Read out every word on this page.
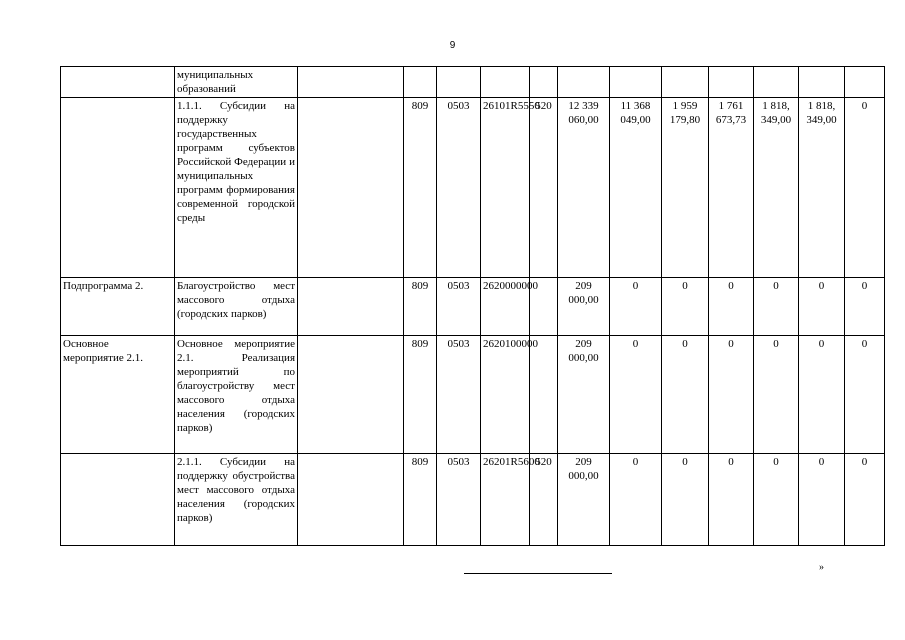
9
	муниципальных образований												
	1.1.1. Субсидии на поддержку государственных программ субъектов Российской Федерации и муниципальных программ формирования современной городской среды		809	0503	26101R5550	520	12 339 060,00	11 368 049,00	1 959 179,80	1 761 673,73	1 818, 349,00	1 818, 349,00	0
Подпрограмма 2.	Благоустройство мест массового отдыха (городских парков)		809	0503	2620000000		209 000,00	0	0	0	0	0	0
Основное мероприятие 2.1.	Основное мероприятие 2.1. Реализация мероприятий по благоустройству мест массового отдыха населения (городских парков)		809	0503	2620100000		209 000,00	0	0	0	0	0	0
	2.1.1. Субсидии на поддержку обустройства мест массового отдыха населения (городских парков)		809	0503	26201R5600	520	209 000,00	0	0	0	0	0	0
»
